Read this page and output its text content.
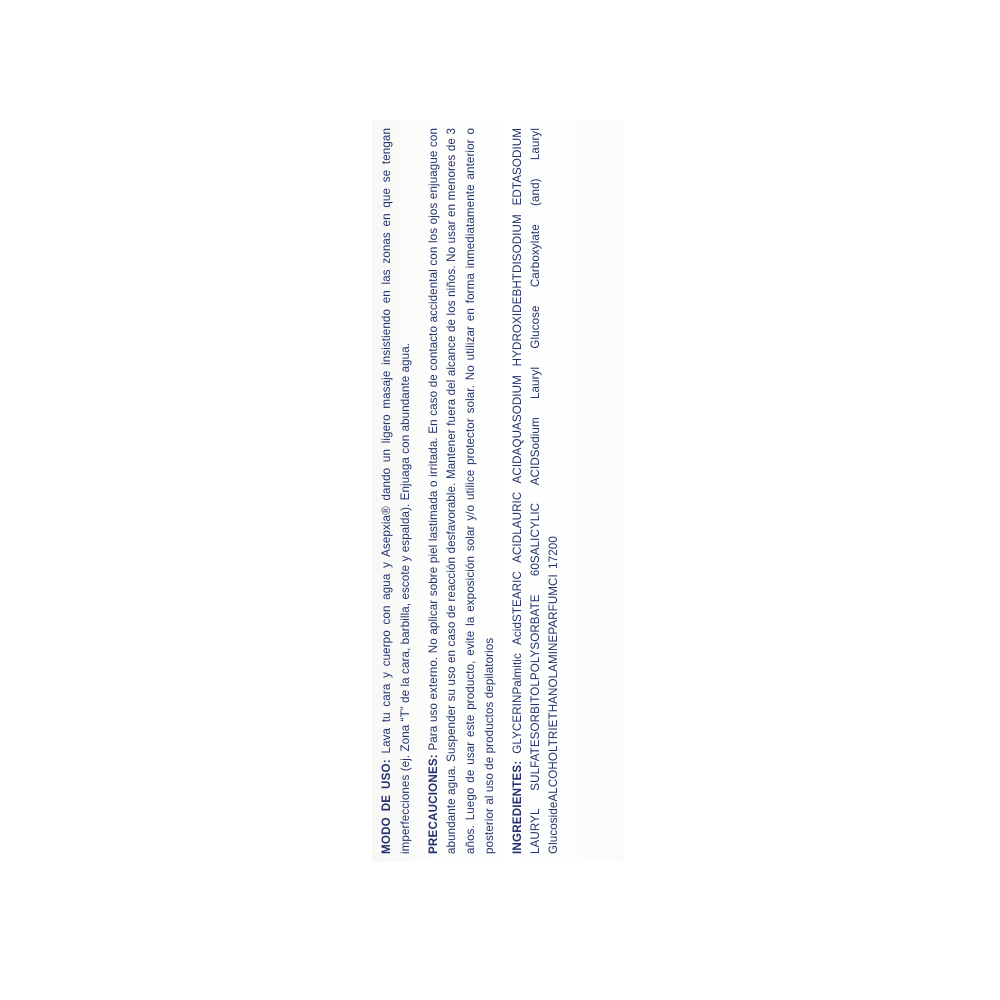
MODO DE USO: Lava tu cara y cuerpo con agua y Asepxia® dando un ligero masaje insistiendo en las zonas en que se tengan imperfecciones (ej. Zona “T” de la cara, barbilla, escote y espalda). Enjuaga con abundante agua.	PRECAUCIONES: Para uso externo. No aplicar sobre piel lastimada o irritada. En caso de contacto accidental con los ojos enjuague con abundante agua. Suspender su uso en caso de reacción desfavorable. Mantener fuera del alcance de los niños. No usar en menores de 3 años. Luego de usar este producto, evite la exposición solar y/o utilice protector solar. No utilizar en forma inmediatamente anterior o posterior al uso de productos depilatorios	INGREDIENTES: GLYCERINPalmitic AcidSTEARIC ACIDLAURIC ACIDAQUASODIUM HYDROXIDEBHTDISODIUM EDTASODIUM LAURYL SULFATESORBITOLPOLYSORBATE 60SALICYLIC ACIDSodium Lauryl Glucose Carboxylate (and) Lauryl GlucosideALCOHOLTRIETHANOLAMINEPARFUMCI 17200
